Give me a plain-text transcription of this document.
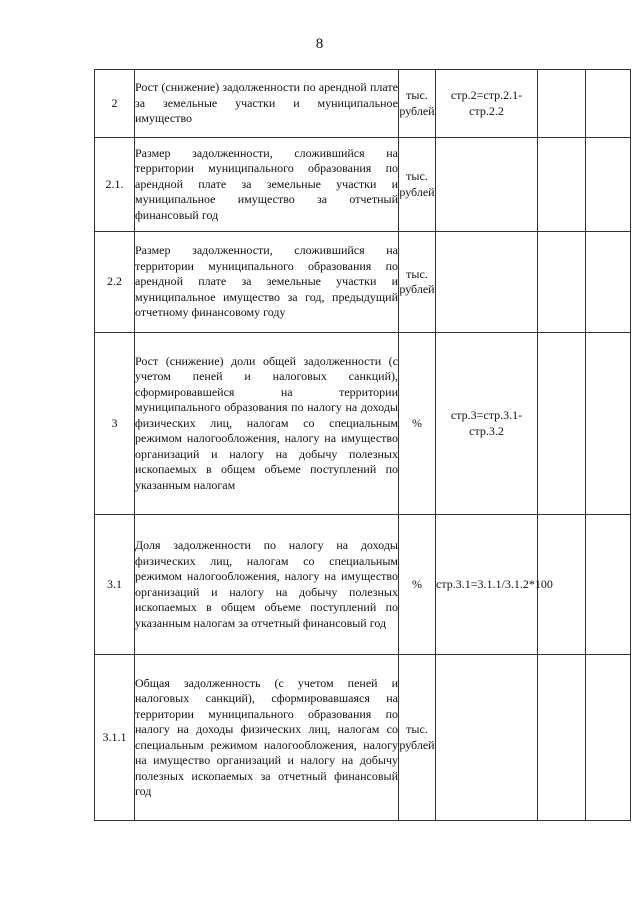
8
2	Рост (снижение) задолженности по арендной плате за земельные участки и муниципальное имущество	тыс. рублей	стр.2=стр.2.1-стр.2.2		
2.1.	Размер задолженности, сложившийся на территории муниципального образования по арендной плате за земельные участки и муниципальное имущество за отчетный финансовый год	тыс. рублей			
2.2	Размер задолженности, сложившийся на территории муниципального образования по арендной плате за земельные участки и муниципальное имущество за год, предыдущий отчетному финансовому году	тыс. рублей			
3	Рост (снижение) доли общей задолженности (с учетом пеней и налоговых санкций), сформировавшейся на территории муниципального образования по налогу на доходы физических лиц, налогам со специальным режимом налогообложения, налогу на имущество организаций и налогу на добычу полезных ископаемых в общем объеме поступлений по указанным налогам	%	стр.3=стр.3.1-стр.3.2		
3.1	Доля задолженности по налогу на доходы физических лиц, налогам со специальным режимом налогообложения, налогу на имущество организаций и налогу на добычу полезных ископаемых в общем объеме поступлений по указанным налогам за отчетный финансовый год	%	стр.3.1=3.1.1/3.1.2*100		
3.1.1	Общая задолженность (с учетом пеней и налоговых санкций), сформировавшаяся на территории муниципального образования по налогу на доходы физических лиц, налогам со специальным режимом налогообложения, налогу на имущество организаций и налогу на добычу полезных ископаемых за отчетный финансовый год	тыс. рублей			
